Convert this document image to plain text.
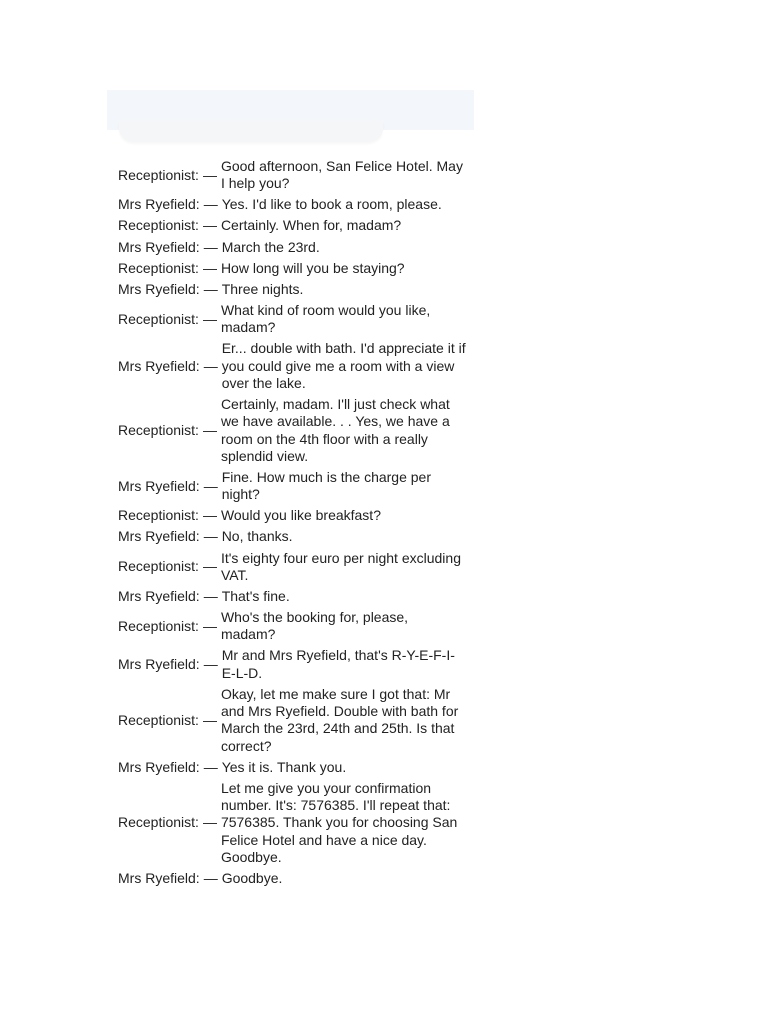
Receptionist: —
Good afternoon, San Felice Hotel. May I help you?
Mrs Ryefield: — Yes. I'd like to book a room, please.
Receptionist: — Certainly. When for, madam?
Mrs Ryefield: — March the 23rd.
Receptionist: — How long will you be staying?
Mrs Ryefield: — Three nights.
Receptionist: —
What kind of room would you like, madam?
Mrs Ryefield: —
Er... double with bath. I'd appreciate it if you could give me a room with a view over the lake.
Receptionist: —
Certainly, madam. I'll just check what we have available. . . Yes, we have a room on the 4th floor with a really splendid view.
Mrs Ryefield: —
Fine. How much is the charge per night?
Receptionist: — Would you like breakfast?
Mrs Ryefield: — No, thanks.
Receptionist: —
It's eighty four euro per night excluding VAT.
Mrs Ryefield: — That's fine.
Receptionist: —
Who's the booking for, please, madam?
Mrs Ryefield: —
Mr and Mrs Ryefield, that's R-Y-E-F-I-E-L-D.
Receptionist: —
Okay, let me make sure I got that: Mr and Mrs Ryefield. Double with bath for March the 23rd, 24th and 25th. Is that correct?
Mrs Ryefield: — Yes it is. Thank you.
Receptionist: —
Let me give you your confirmation number. It's: 7576385. I'll repeat that: 7576385. Thank you for choosing San Felice Hotel and have a nice day. Goodbye.
Mrs Ryefield: — Goodbye.
